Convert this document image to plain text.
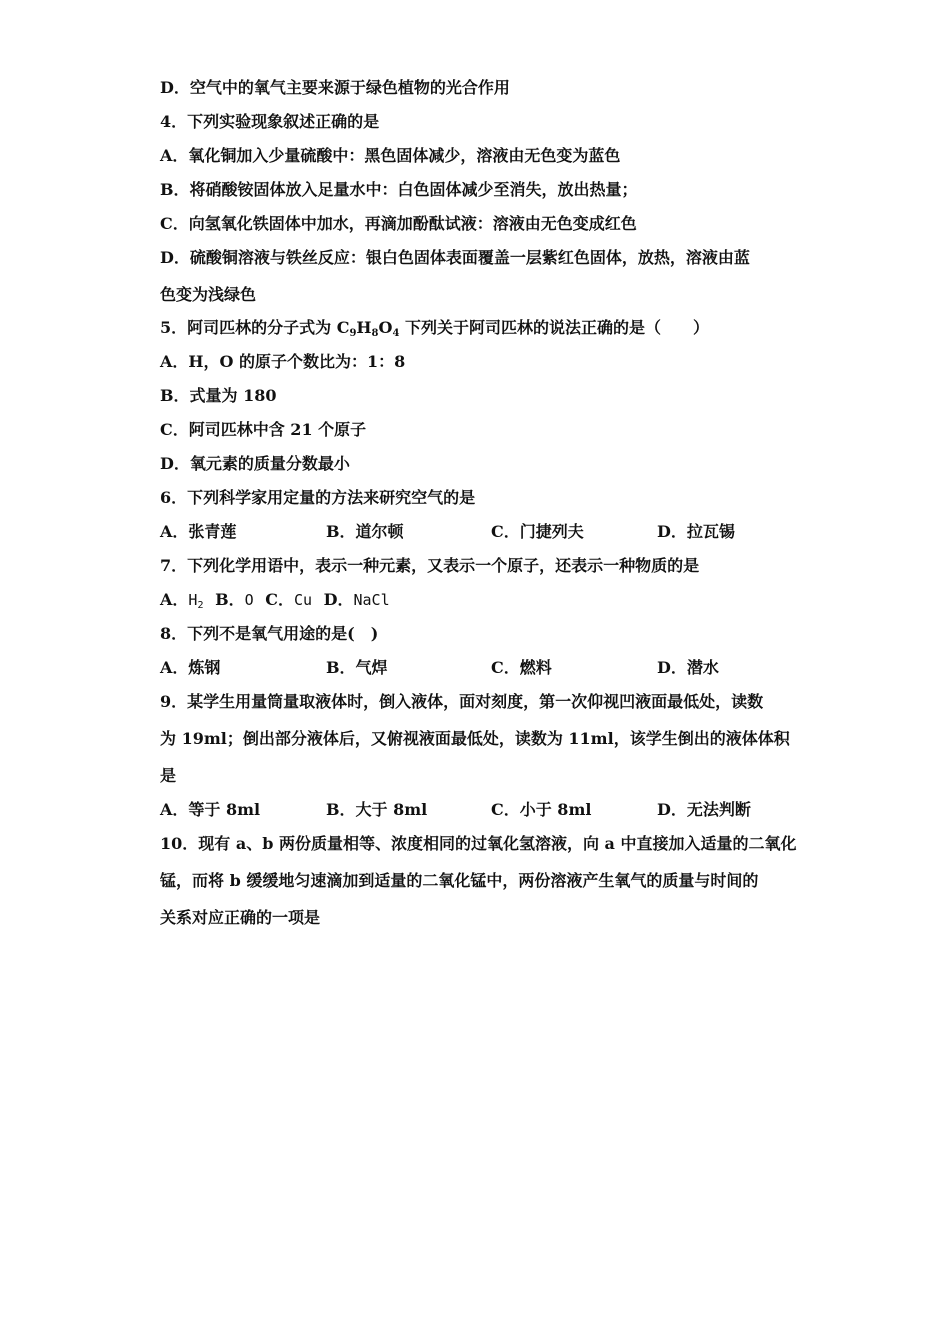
D．空气中的氧气主要来源于绿色植物的光合作用
4．下列实验现象叙述正确的是
A．氧化铜加入少量硫酸中：黑色固体减少，溶液由无色变为蓝色
B．将硝酸铵固体放入足量水中：白色固体减少至消失，放出热量；
C．向氢氧化铁固体中加水，再滴加酚酞试液：溶液由无色变成红色
D．硫酸铜溶液与铁丝反应：银白色固体表面覆盖一层紫红色固体，放热，溶液由蓝
色变为浅绿色
5．阿司匹林的分子式为 $C_9H_8O_4$ 下列关于阿司匹林的说法正确的是（　　）
A．H，O 的原子个数比为：1：8
B．式量为 180
C．阿司匹林中含 21 个原子
D．氧元素的质量分数最小
6．下列科学家用定量的方法来研究空气的是
A．张青莲	B．道尔顿	C．门捷列夫	D．拉瓦锡
7．下列化学用语中，表示一种元素，又表示一个原子，还表示一种物质的是
A．$H_2$ B．O C．Cu D．NaCl
8．下列不是氧气用途的是(　)
A．炼钢	B．气焊	C．燃料	D．潜水
9．某学生用量筒量取液体时，倒入液体，面对刻度，第一次仰视凹液面最低处，读数
为 19ml；倒出部分液体后，又俯视液面最低处，读数为 11ml，该学生倒出的液体体积
是
A．等于 8ml	B．大于 8ml	C．小于 8ml	D．无法判断
10．现有 a、b 两份质量相等、浓度相同的过氧化氢溶液，向 a 中直接加入适量的二氧化
锰，而将 b 缓缓地匀速滴加到适量的二氧化锰中，两份溶液产生氧气的质量与时间的
关系对应正确的一项是
